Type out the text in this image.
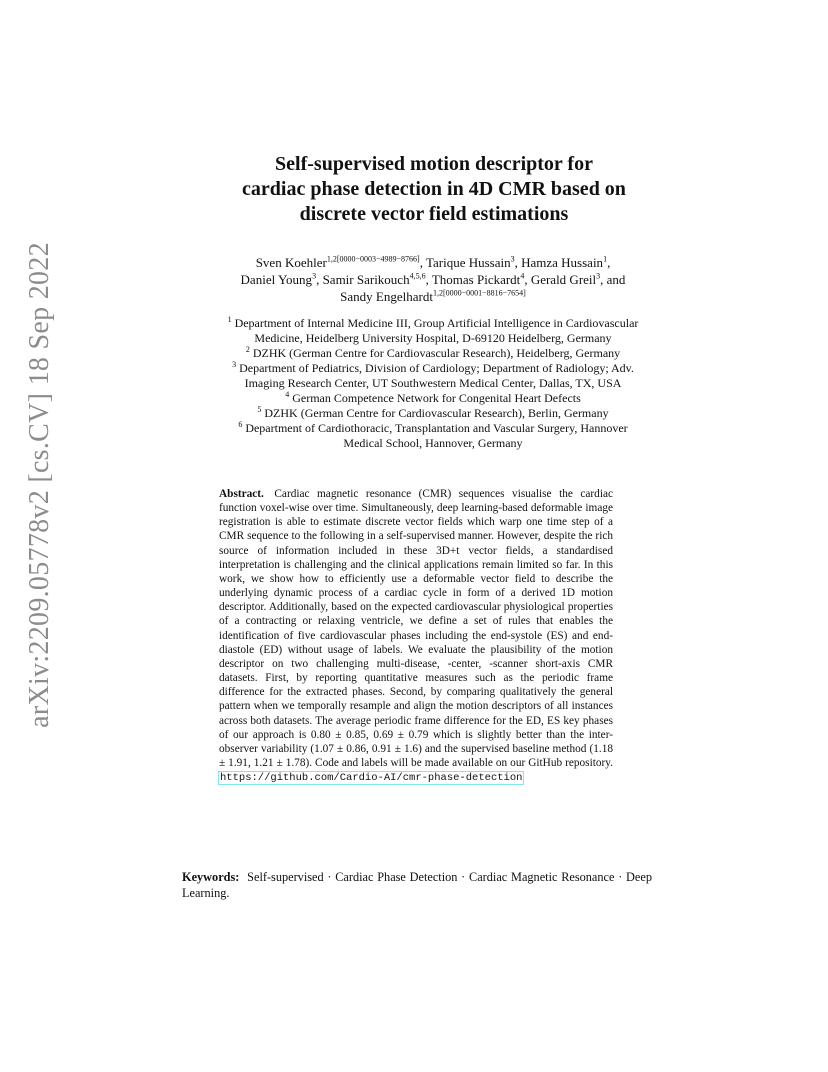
arXiv:2209.05778v2 [cs.CV] 18 Sep 2022
Self-supervised motion descriptor for
cardiac phase detection in 4D CMR based on
discrete vector field estimations
Sven Koehler$^{1,2[0000-0003-4989-8766]}$, Tarique Hussain$^3$, Hamza Hussain$^1$,
Daniel Young$^3$, Samir Sarikouch$^{4,5,6}$, Thomas Pickardt$^4$, Gerald Greil$^3$, and
Sandy Engelhardt$^{1,2[0000-0001-8816-7654]}$
$^1$ Department of Internal Medicine III, Group Artificial Intelligence in Cardiovascular
Medicine, Heidelberg University Hospital, D-69120 Heidelberg, Germany
$^2$ DZHK (German Centre for Cardiovascular Research), Heidelberg, Germany
$^3$ Department of Pediatrics, Division of Cardiology; Department of Radiology; Adv.
Imaging Research Center, UT Southwestern Medical Center, Dallas, TX, USA
$^4$ German Competence Network for Congenital Heart Defects
$^5$ DZHK (German Centre for Cardiovascular Research), Berlin, Germany
$^6$ Department of Cardiothoracic, Transplantation and Vascular Surgery, Hannover
Medical School, Hannover, Germany
Abstract. Cardiac magnetic resonance (CMR) sequences visualise the cardiac function voxel-wise over time. Simultaneously, deep learning-based deformable image registration is able to estimate discrete vector fields which warp one time step of a CMR sequence to the following in a self-supervised manner. However, despite the rich source of information included in these 3D+t vector fields, a standardised interpretation is challenging and the clinical applications remain limited so far. In this work, we show how to efficiently use a deformable vector field to describe the underlying dynamic process of a cardiac cycle in form of a derived 1D motion descriptor. Additionally, based on the expected cardiovascular physiological properties of a contracting or relaxing ventricle, we define a set of rules that enables the identification of five cardiovascular phases including the end-systole (ES) and end-diastole (ED) without usage of labels. We evaluate the plausibility of the motion descriptor on two challenging multi-disease, -center, -scanner short-axis CMR datasets. First, by reporting quantitative measures such as the periodic frame difference for the extracted phases. Second, by comparing qualitatively the general pattern when we temporally resample and align the motion descriptors of all instances across both datasets. The average periodic frame difference for the ED, ES key phases of our approach is 0.80 ± 0.85, 0.69 ± 0.79 which is slightly better than the inter-observer variability (1.07 ± 0.86, 0.91 ± 1.6) and the supervised baseline method (1.18 ± 1.91, 1.21 ± 1.78). Code and labels will be made available on our GitHub repository. https://github.com/Cardio-AI/cmr-phase-detection
Keywords: Self-supervised · Cardiac Phase Detection · Cardiac Magnetic Resonance · Deep Learning.
